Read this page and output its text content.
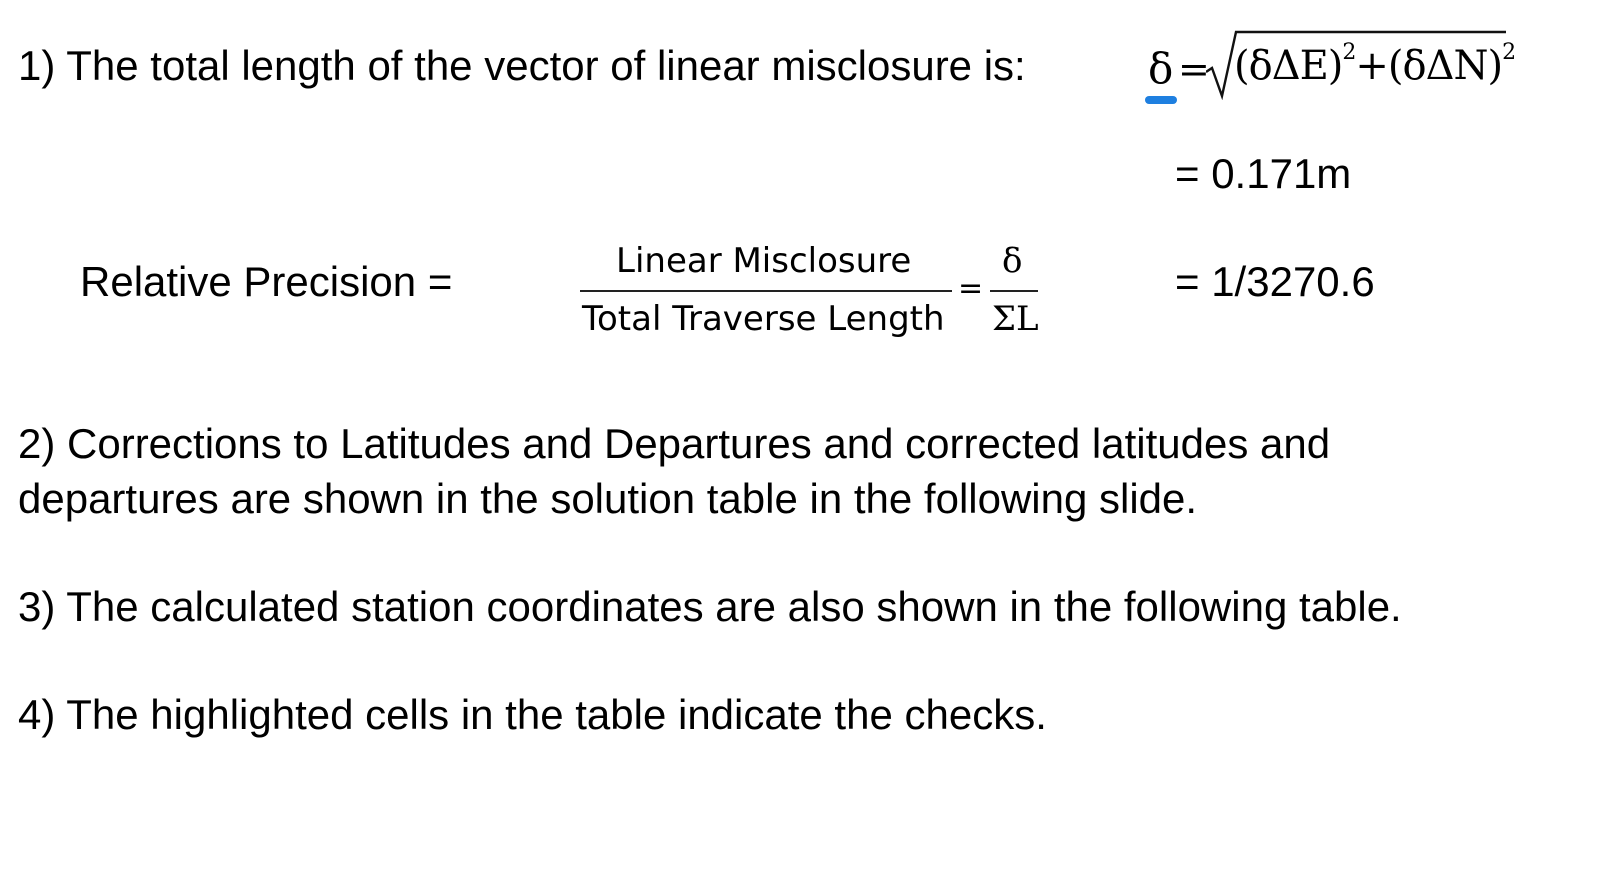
1) The total length of the vector of linear misclosure is:	$\delta = (\delta\Delta E)^2+(\delta\Delta N)^2$
= 0.171m
Relative Precision =	Linear Misclosure
Total Traverse Length
=
δ
ΣL
= 1/3270.6
2) Corrections to Latitudes and Departures and corrected latitudes and
departures are shown in the solution table in the following slide.
3) The calculated station coordinates are also shown in the following table.
4) The highlighted cells in the table indicate the checks.
